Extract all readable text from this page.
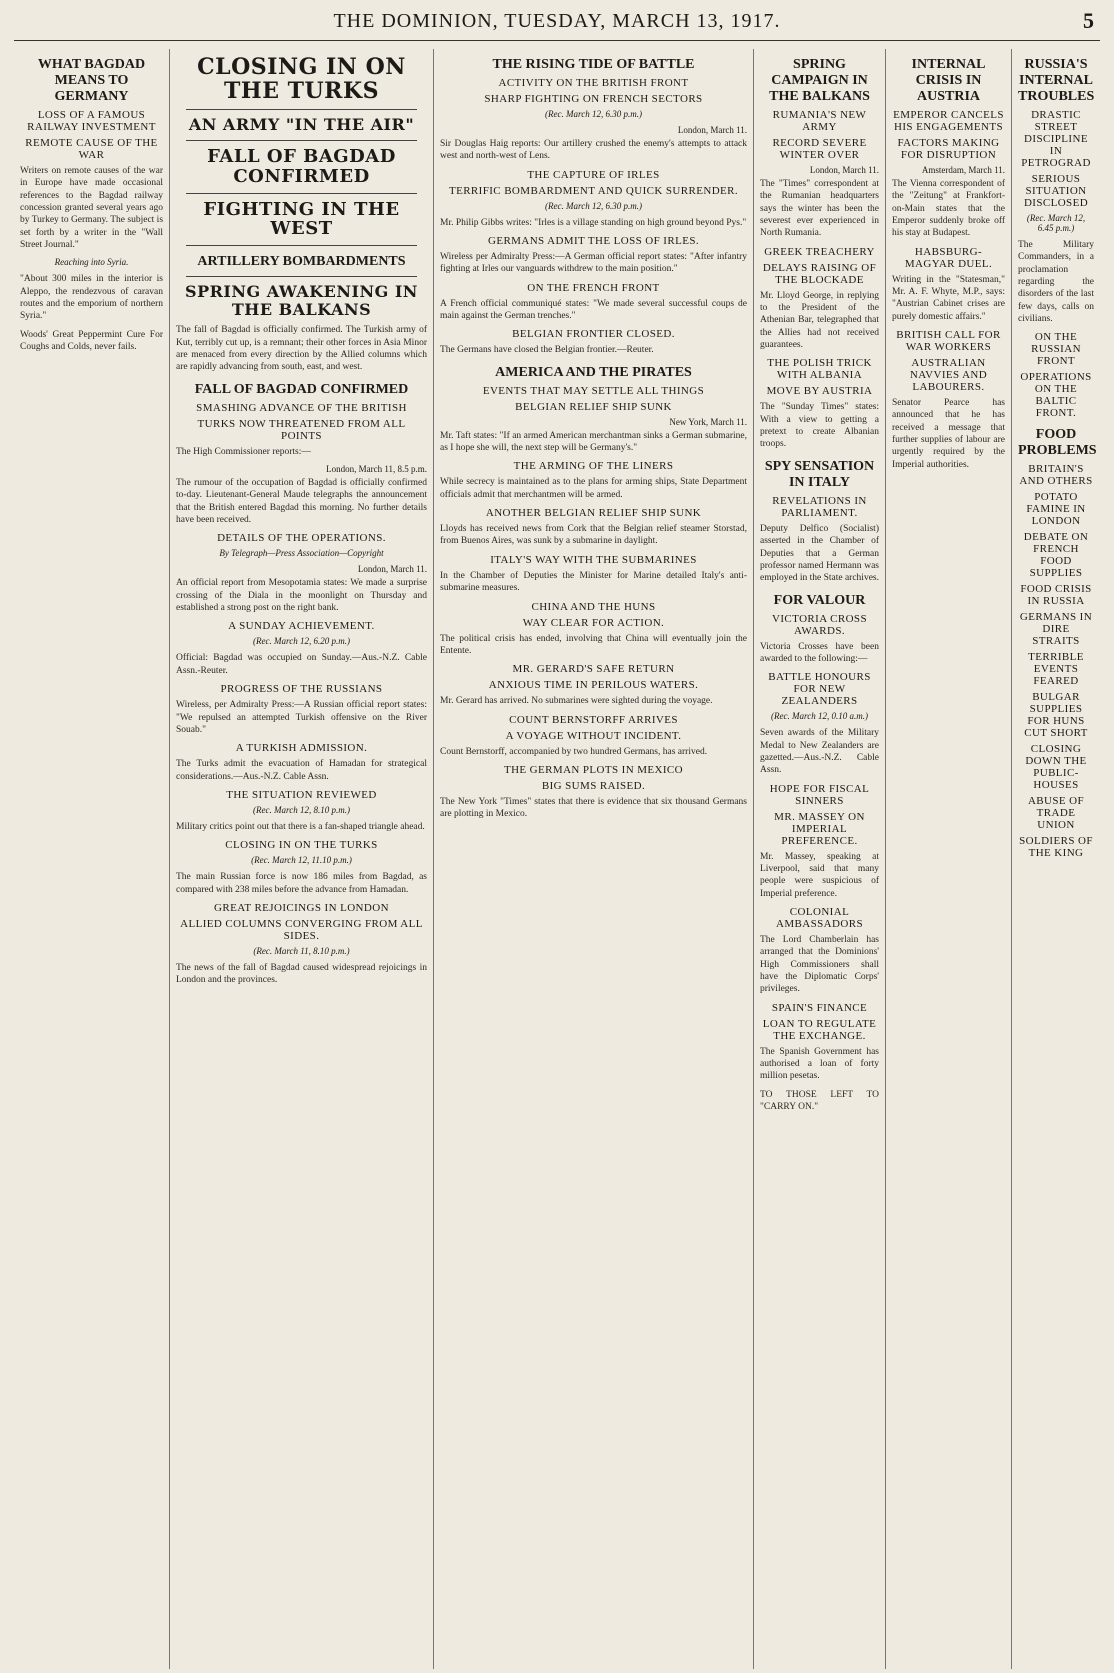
THE DOMINION, TUESDAY, MARCH 13, 1917.	5
WHAT BAGDAD MEANS TO GERMANY
LOSS OF A FAMOUS RAILWAY INVESTMENT
REMOTE CAUSE OF THE WAR
Writers on remote causes of the war in Europe have made occasional references to the Bagdad railway concession granted several years ago by Turkey to Germany. The subject is set forth by a writer in the "Wall Street Journal."
Reaching into Syria.
"About 300 miles in the interior is Aleppo, the rendezvous of caravan routes and the emporium of northern Syria."
Woods' Great Peppermint Cure For Coughs and Colds, never fails.
CLOSING IN ON THE TURKS
AN ARMY "IN THE AIR"
FALL OF BAGDAD CONFIRMED
FIGHTING IN THE WEST
ARTILLERY BOMBARDMENTS
SPRING AWAKENING IN THE BALKANS
The fall of Bagdad is officially confirmed. The Turkish army of Kut, terribly cut up, is a remnant; their other forces in Asia Minor are menaced from every direction by the Allied columns which are rapidly advancing from south, east, and west.
FALL OF BAGDAD CONFIRMED
SMASHING ADVANCE OF THE BRITISH
TURKS NOW THREATENED FROM ALL POINTS
The High Commissioner reports:—
London, March 11, 8.5 p.m.
The rumour of the occupation of Bagdad is officially confirmed to-day. Lieutenant-General Maude telegraphs the announcement that the British entered Bagdad this morning. No further details have been received.
DETAILS OF THE OPERATIONS.
By Telegraph—Press Association—Copyright
London, March 11.
An official report from Mesopotamia states: We made a surprise crossing of the Diala in the moonlight on Thursday and established a strong post on the right bank.
A SUNDAY ACHIEVEMENT.
(Rec. March 12, 6.20 p.m.)
Official: Bagdad was occupied on Sunday.—Aus.-N.Z. Cable Assn.-Reuter.
PROGRESS OF THE RUSSIANS
Wireless, per Admiralty Press:—A Russian official report states: "We repulsed an attempted Turkish offensive on the River Souab."
A TURKISH ADMISSION.
The Turks admit the evacuation of Hamadan for strategical considerations.—Aus.-N.Z. Cable Assn.
THE SITUATION REVIEWED
(Rec. March 12, 8.10 p.m.)
Military critics point out that there is a fan-shaped triangle ahead.
CLOSING IN ON THE TURKS
(Rec. March 12, 11.10 p.m.)
The main Russian force is now 186 miles from Bagdad, as compared with 238 miles before the advance from Hamadan.
GREAT REJOICINGS IN LONDON
ALLIED COLUMNS CONVERGING FROM ALL SIDES.
(Rec. March 11, 8.10 p.m.)
The news of the fall of Bagdad caused widespread rejoicings in London and the provinces.
THE RISING TIDE OF BATTLE
ACTIVITY ON THE BRITISH FRONT
SHARP FIGHTING ON FRENCH SECTORS
(Rec. March 12, 6.30 p.m.)
London, March 11.
Sir Douglas Haig reports: Our artillery crushed the enemy's attempts to attack west and north-west of Lens.
THE CAPTURE OF IRLES
TERRIFIC BOMBARDMENT AND QUICK SURRENDER.
(Rec. March 12, 6.30 p.m.)
Mr. Philip Gibbs writes: "Irles is a village standing on high ground beyond Pys."
GERMANS ADMIT THE LOSS OF IRLES.
Wireless per Admiralty Press:—A German official report states: "After infantry fighting at Irles our vanguards withdrew to the main position."
ON THE FRENCH FRONT
A French official communiqué states: "We made several successful coups de main against the German trenches."
BELGIAN FRONTIER CLOSED.
The Germans have closed the Belgian frontier.—Reuter.
AMERICA AND THE PIRATES
EVENTS THAT MAY SETTLE ALL THINGS
BELGIAN RELIEF SHIP SUNK
New York, March 11.
Mr. Taft states: "If an armed American merchantman sinks a German submarine, as I hope she will, the next step will be Germany's."
THE ARMING OF THE LINERS
While secrecy is maintained as to the plans for arming ships, State Department officials admit that merchantmen will be armed.
ANOTHER BELGIAN RELIEF SHIP SUNK
Lloyds has received news from Cork that the Belgian relief steamer Storstad, from Buenos Aires, was sunk by a submarine in daylight.
ITALY'S WAY WITH THE SUBMARINES
In the Chamber of Deputies the Minister for Marine detailed Italy's anti-submarine measures.
CHINA AND THE HUNS
WAY CLEAR FOR ACTION.
The political crisis has ended, involving that China will eventually join the Entente.
MR. GERARD'S SAFE RETURN
ANXIOUS TIME IN PERILOUS WATERS.
Mr. Gerard has arrived. No submarines were sighted during the voyage.
COUNT BERNSTORFF ARRIVES
A VOYAGE WITHOUT INCIDENT.
Count Bernstorff, accompanied by two hundred Germans, has arrived.
THE GERMAN PLOTS IN MEXICO
BIG SUMS RAISED.
The New York "Times" states that there is evidence that six thousand Germans are plotting in Mexico.
SPRING CAMPAIGN IN THE BALKANS
RUMANIA'S NEW ARMY
RECORD SEVERE WINTER OVER
London, March 11.
The "Times" correspondent at the Rumanian headquarters says the winter has been the severest ever experienced in North Rumania.
GREEK TREACHERY
DELAYS RAISING OF THE BLOCKADE
Mr. Lloyd George, in replying to the President of the Athenian Bar, telegraphed that the Allies had not received guarantees.
THE POLISH TRICK WITH ALBANIA
MOVE BY AUSTRIA
The "Sunday Times" states: With a view to getting a pretext to create Albanian troops.
SPY SENSATION IN ITALY
REVELATIONS IN PARLIAMENT.
Deputy Delfico (Socialist) asserted in the Chamber of Deputies that a German professor named Hermann was employed in the State archives.
FOR VALOUR
VICTORIA CROSS AWARDS.
Victoria Crosses have been awarded to the following:—
BATTLE HONOURS FOR NEW ZEALANDERS
(Rec. March 12, 0.10 a.m.)
Seven awards of the Military Medal to New Zealanders are gazetted.—Aus.-N.Z. Cable Assn.
HOPE FOR FISCAL SINNERS
MR. MASSEY ON IMPERIAL PREFERENCE.
Mr. Massey, speaking at Liverpool, said that many people were suspicious of Imperial preference.
COLONIAL AMBASSADORS
The Lord Chamberlain has arranged that the Dominions' High Commissioners shall have the Diplomatic Corps' privileges.
SPAIN'S FINANCE
LOAN TO REGULATE THE EXCHANGE.
The Spanish Government has authorised a loan of forty million pesetas.
TO THOSE LEFT TO "CARRY ON."
INTERNAL CRISIS IN AUSTRIA
EMPEROR CANCELS HIS ENGAGEMENTS
FACTORS MAKING FOR DISRUPTION
Amsterdam, March 11.
The Vienna correspondent of the "Zeitung" at Frankfort-on-Main states that the Emperor suddenly broke off his stay at Budapest.
HABSBURG-MAGYAR DUEL.
Writing in the "Statesman," Mr. A. F. Whyte, M.P., says: "Austrian Cabinet crises are purely domestic affairs."
BRITISH CALL FOR WAR WORKERS
AUSTRALIAN NAVVIES AND LABOURERS.
Senator Pearce has announced that he has received a message that further supplies of labour are urgently required by the Imperial authorities.
RUSSIA'S INTERNAL TROUBLES
DRASTIC STREET DISCIPLINE IN PETROGRAD
SERIOUS SITUATION DISCLOSED
(Rec. March 12, 6.45 p.m.)
The Military Commanders, in a proclamation regarding the disorders of the last few days, calls on civilians.
ON THE RUSSIAN FRONT
OPERATIONS ON THE BALTIC FRONT.
FOOD PROBLEMS
BRITAIN'S AND OTHERS
POTATO FAMINE IN LONDON
DEBATE ON FRENCH FOOD SUPPLIES
FOOD CRISIS IN RUSSIA
GERMANS IN DIRE STRAITS
TERRIBLE EVENTS FEARED
BULGAR SUPPLIES FOR HUNS CUT SHORT
CLOSING DOWN THE PUBLIC-HOUSES
ABUSE OF TRADE UNION
SOLDIERS OF THE KING
